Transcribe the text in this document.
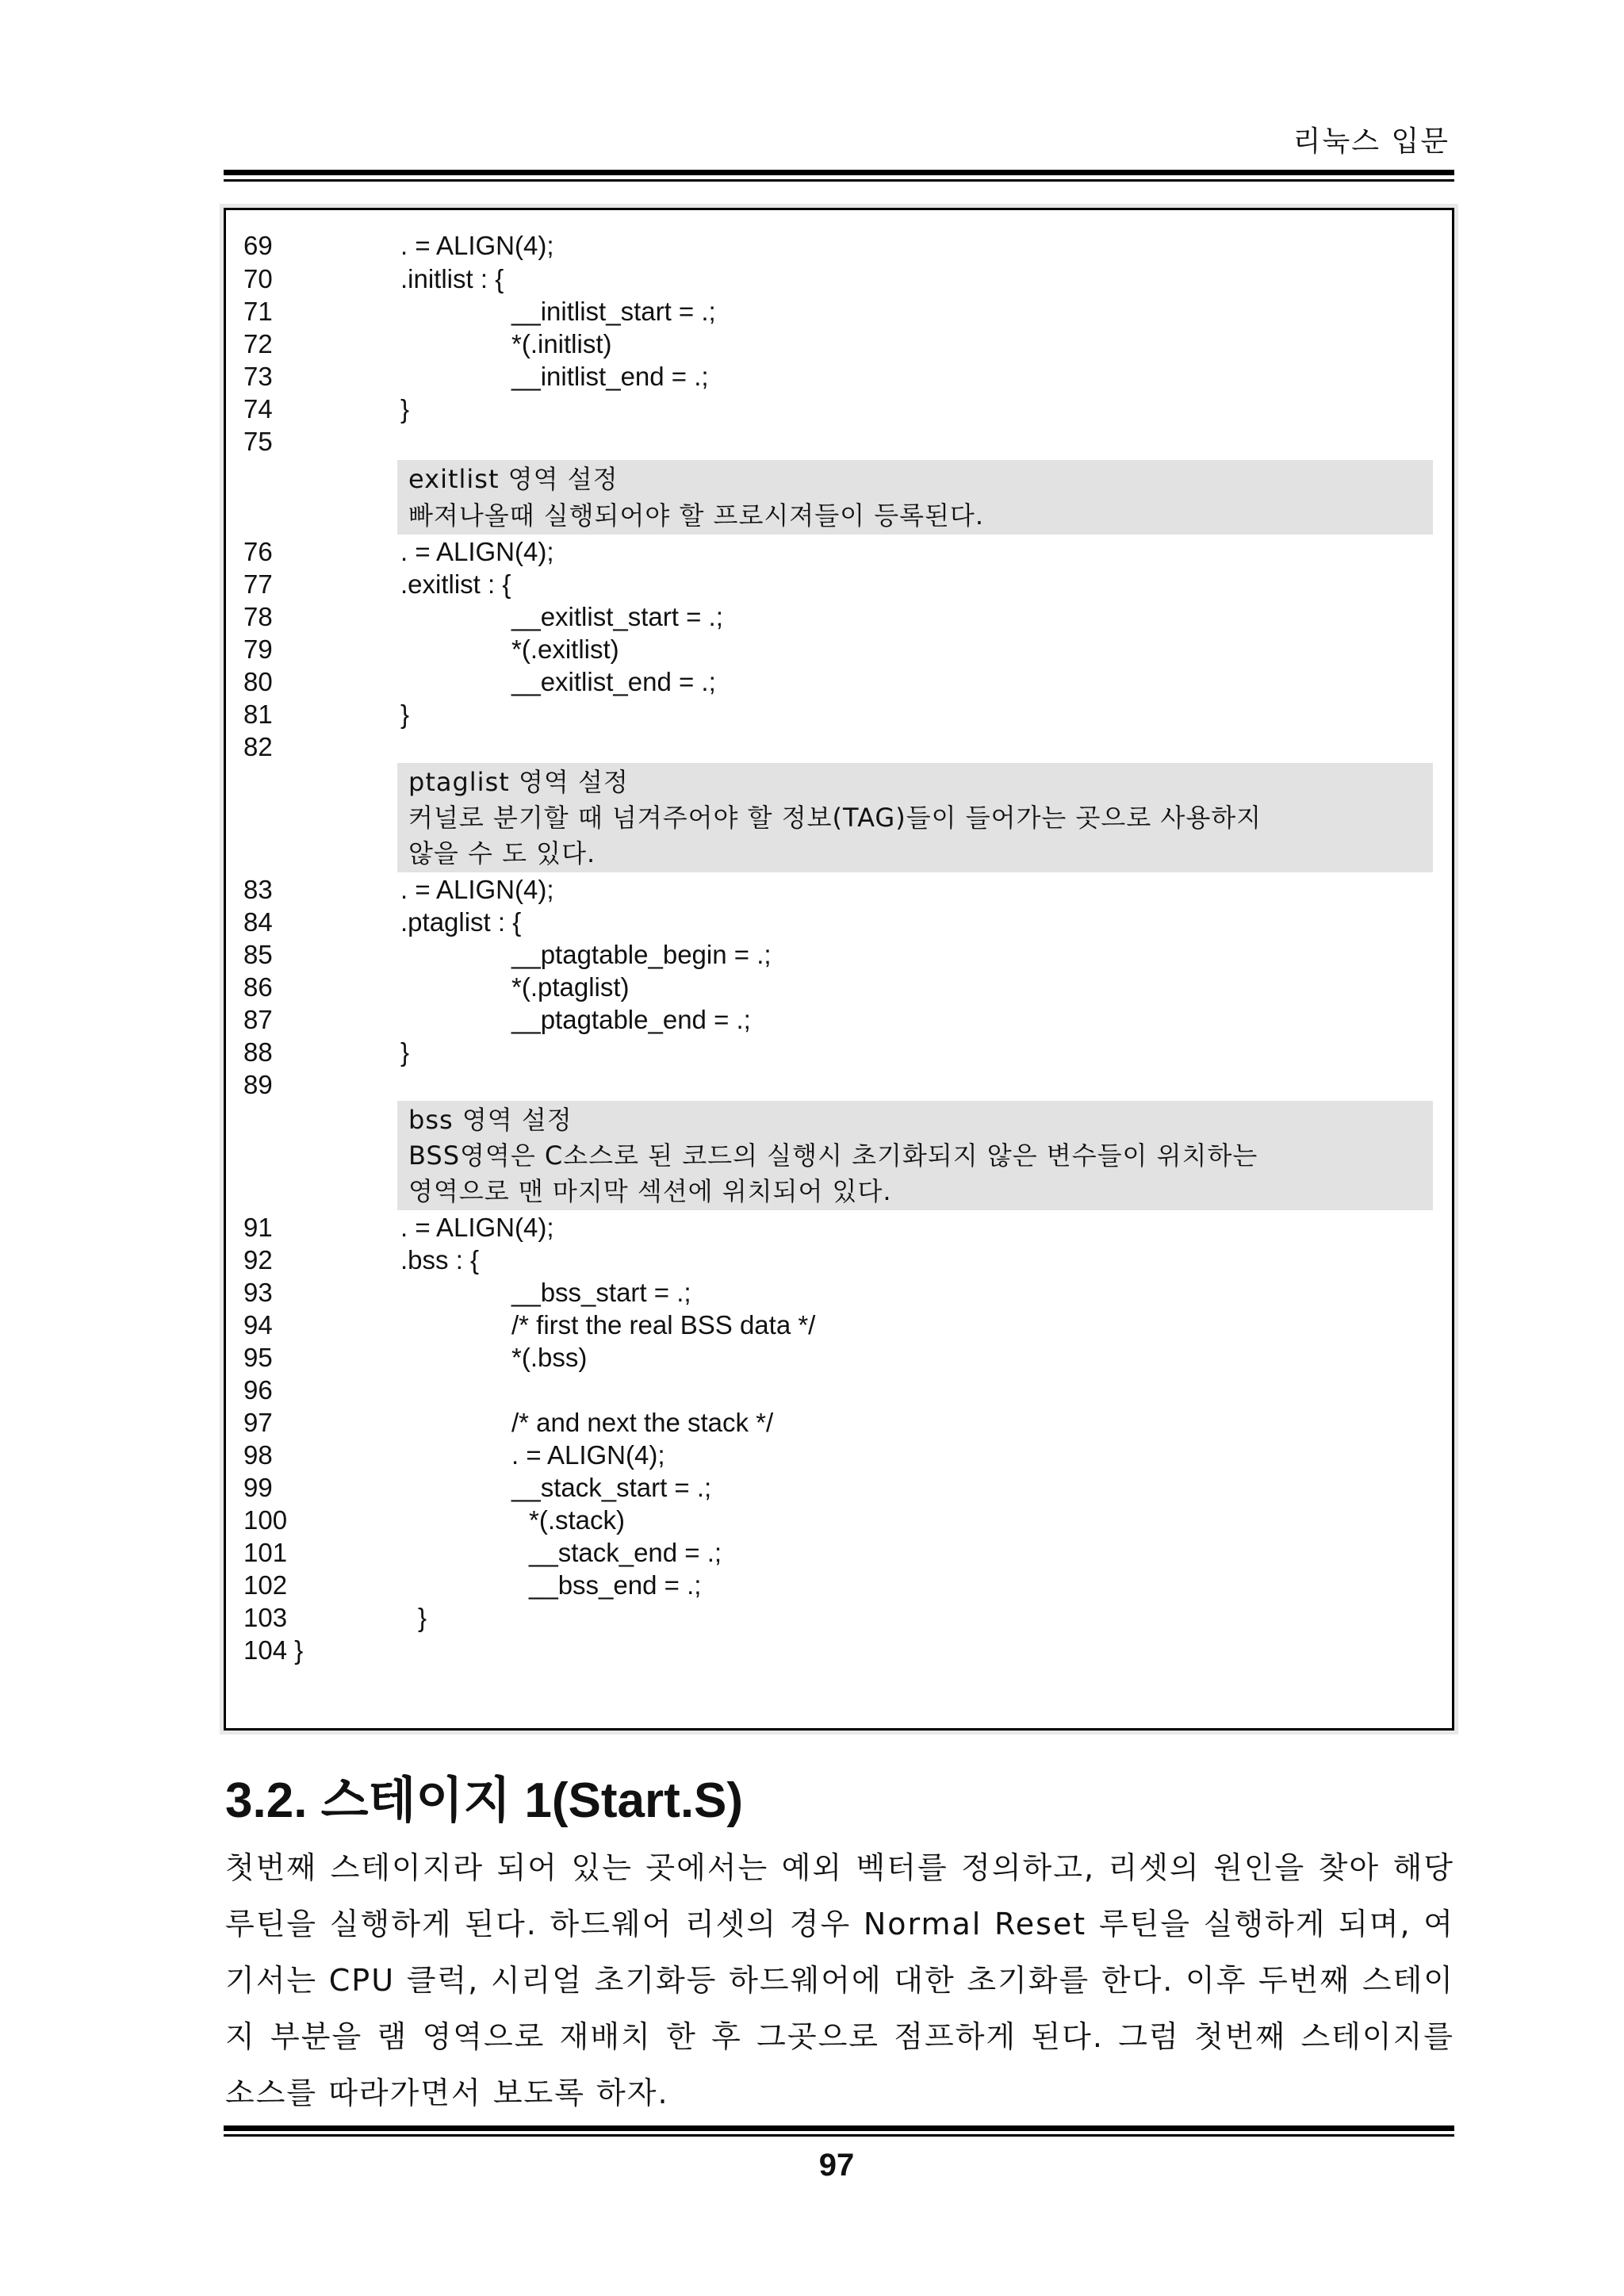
리눅스 입문
69	. = ALIGN(4);
70	.initlist : {
71	__initlist_start = .;
72	*(.initlist)
73	__initlist_end = .;
74	}
75
exitlist 영역 설정
빠져나올때 실행되어야 할 프로시져들이 등록된다.
76	. = ALIGN(4);
77	.exitlist : {
78	__exitlist_start = .;
79	*(.exitlist)
80	__exitlist_end = .;
81	}
82
ptaglist 영역 설정
커널로 분기할 때 넘겨주어야 할 정보(TAG)들이 들어가는 곳으로 사용하지
않을 수 도 있다.
83	. = ALIGN(4);
84	.ptaglist : {
85	__ptagtable_begin = .;
86	*(.ptaglist)
87	__ptagtable_end = .;
88	}
89
bss 영역 설정
BSS영역은 C소스로 된 코드의 실행시 초기화되지 않은 변수들이 위치하는
영역으로 맨 마지막 섹션에 위치되어 있다.
91	. = ALIGN(4);
92	.bss : {
93	__bss_start = .;
94	/* first the real BSS data */
95	*(.bss)
96
97	/* and next the stack */
98	. = ALIGN(4);
99	__stack_start = .;
100	*(.stack)
101	__stack_end = .;
102	__bss_end = .;
103	}
104 }
3.2. 스테이지 1(Start.S)
첫번째 스테이지라 되어 있는 곳에서는 예외 벡터를 정의하고, 리셋의 원인을 찾아 해당 루틴을 실행하게 된다. 하드웨어 리셋의 경우 Normal Reset 루틴을 실행하게 되며, 여기서는 CPU 클럭, 시리얼 초기화등 하드웨어에 대한 초기화를 한다. 이후 두번째 스테이지 부분을 램 영역으로 재배치 한 후 그곳으로 점프하게 된다. 그럼 첫번째 스테이지를 소스를 따라가면서 보도록 하자.
97
